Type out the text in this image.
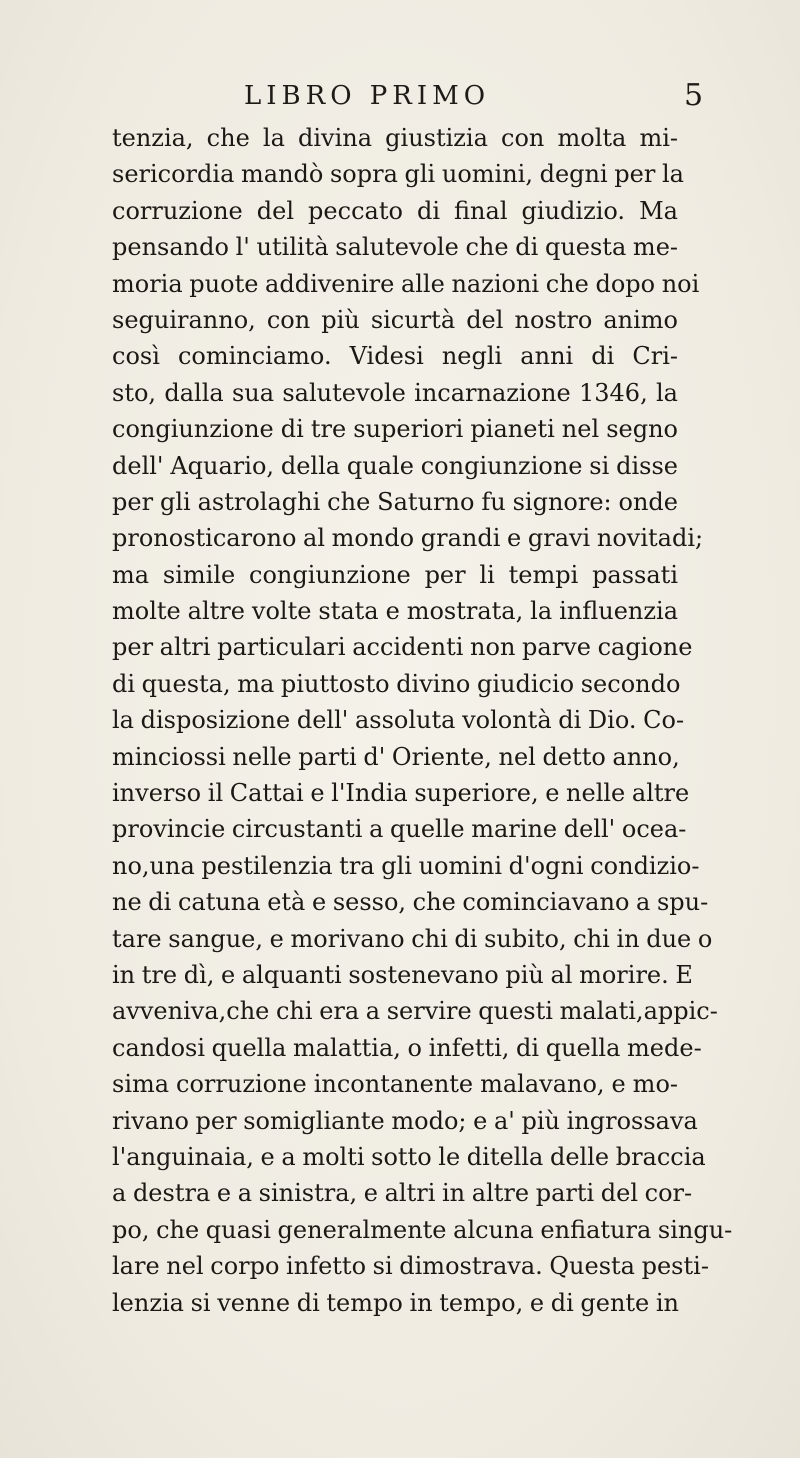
LIBRO PRIMO	5
tenzia, che la divina giustizia con molta mi-
sericordia mandò sopra gli uomini, degni per la
corruzione del peccato di final giudizio. Ma
pensando l' utilità salutevole che di questa me-
moria puote addivenire alle nazioni che dopo noi
seguiranno, con più sicurtà del nostro animo
così cominciamo. Videsi negli anni di Cri-
sto, dalla sua salutevole incarnazione 1346, la
congiunzione di tre superiori pianeti nel segno
dell' Aquario, della quale congiunzione si disse
per gli astrolaghi che Saturno fu signore: onde
pronosticarono al mondo grandi e gravi novitadi;
ma simile congiunzione per li tempi passati
molte altre volte stata e mostrata, la influenzia
per altri particulari accidenti non parve cagione
di questa, ma piuttosto divino giudicio secondo
la disposizione dell' assoluta volontà di Dio. Co-
minciossi nelle parti d' Oriente, nel detto anno,
inverso il Cattai e l'India superiore, e nelle altre
provincie circustanti a quelle marine dell' ocea-
no,una pestilenzia tra gli uomini d'ogni condizio-
ne di catuna età e sesso, che cominciavano a spu-
tare sangue, e morivano chi di subito, chi in due o
in tre dì, e alquanti sostenevano più al morire. E
avveniva,che chi era a servire questi malati,appic-
candosi quella malattia, o infetti, di quella mede-
sima corruzione incontanente malavano, e mo-
rivano per somigliante modo; e a' più ingrossava
l'anguinaia, e a molti sotto le ditella delle braccia
a destra e a sinistra, e altri in altre parti del cor-
po, che quasi generalmente alcuna enfiatura singu-
lare nel corpo infetto si dimostrava. Questa pesti-
lenzia si venne di tempo in tempo, e di gente in
